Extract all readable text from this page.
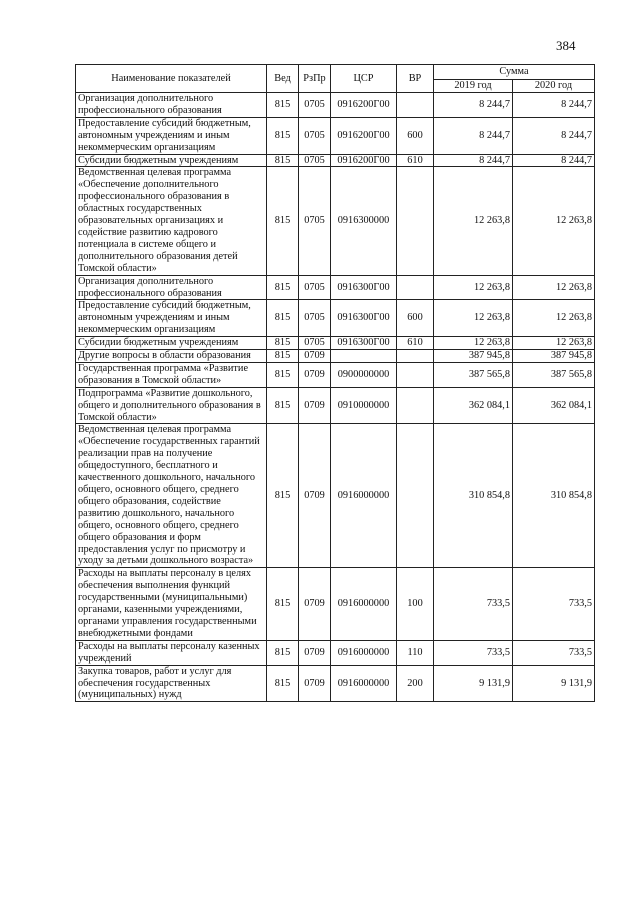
384
Наименование показателей	Вед	РзПр	ЦСР	ВР	Сумма	
					2019 год	2020 год
Организация дополнительного профессионального образования	815	0705	0916200Г00		8 244,7	8 244,7
Предоставление субсидий бюджетным, автономным учреждениям и иным некоммерческим организациям	815	0705	0916200Г00	600	8 244,7	8 244,7
Субсидии бюджетным учреждениям	815	0705	0916200Г00	610	8 244,7	8 244,7
Ведомственная целевая программа «Обеспечение дополнительного профессионального образования в областных государственных образовательных организациях и содействие развитию кадрового потенциала в системе общего и дополнительного образования детей Томской области»	815	0705	0916300000		12 263,8	12 263,8
Организация дополнительного профессионального образования	815	0705	0916300Г00		12 263,8	12 263,8
Предоставление субсидий бюджетным, автономным учреждениям и иным некоммерческим организациям	815	0705	0916300Г00	600	12 263,8	12 263,8
Субсидии бюджетным учреждениям	815	0705	0916300Г00	610	12 263,8	12 263,8
Другие вопросы в области образования	815	0709			387 945,8	387 945,8
Государственная программа «Развитие образования в Томской области»	815	0709	0900000000		387 565,8	387 565,8
Подпрограмма «Развитие дошкольного, общего и дополнительного образования в Томской области»	815	0709	0910000000		362 084,1	362 084,1
Ведомственная целевая программа «Обеспечение государственных гарантий реализации прав на получение общедоступного, бесплатного и качественного дошкольного, начального общего, основного общего, среднего общего образования, содействие развитию дошкольного, начального общего, основного общего, среднего общего образования и форм предоставления услуг по присмотру и уходу за детьми дошкольного возраста»	815	0709	0916000000		310 854,8	310 854,8
Расходы на выплаты персоналу в целях обеспечения выполнения функций государственными (муниципальными) органами, казенными учреждениями, органами управления государственными внебюджетными фондами	815	0709	0916000000	100	733,5	733,5
Расходы на выплаты персоналу казенных учреждений	815	0709	0916000000	110	733,5	733,5
Закупка товаров, работ и услуг для обеспечения государственных (муниципальных) нужд	815	0709	0916000000	200	9 131,9	9 131,9
